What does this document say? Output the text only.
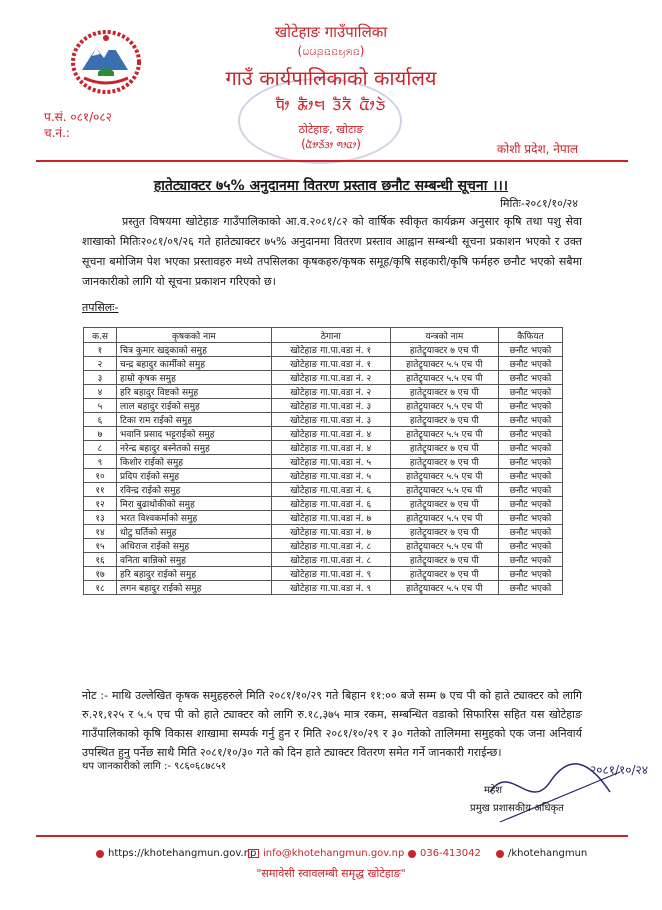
खोटेहाङ गाउँपालिका
(ꤗꤣꤔꤢꤢꤟꤎꤢ)
गाउँ कार्यपालिकाको कार्यालय
ᤄᤥ ᤊᤠᤣᤗ ᤋᤠᤖᤠ ᤂᤥᤍᤧ
ठोटेहाङ, खोटाङ
(ᤂᤦᤍᤨᤋᤣ ᤛᤣᤂᤣ)
प.सं. ०८१/०८२
च.नं.:
कोशी प्रदेश, नेपाल
हातेट्याक्टर ७५% अनुदानमा वितरण प्रस्ताव छनौट सम्बन्धी सूचना ।।।
मितिः-२०८१/१०/२४
प्रस्तुत विषयमा खोटेहाङ गाउँपालिकाको आ.व.२०८१/८२ को वार्षिक स्वीकृत कार्यक्रम अनुसार कृषि तथा पशु सेवा शाखाको मितिः२०८१/०९/२६ गते हातेट्याक्टर ७५% अनुदानमा वितरण प्रस्ताव आह्वान सम्बन्धी सूचना प्रकाशन भएको र उक्त सूचना बमोजिम पेश भएका प्रस्तावहरु मध्ये तपसिलका कृषकहरु/कृषक समूह/कृषि सहकारी/कृषि फर्महरु छनौट भएको सबैमा जानकारीको लागि यो सूचना प्रकाशन गरिएको छ।
तपसिलः-
क.स	कृषकको नाम	ठेगाना	यन्त्रको नाम	कैफियत
१	चित्र कुमार खड्काको समुह	खोटेहाङ गा.पा.वडा नं. १	हातेट्र्याक्टर ७ एच पी	छनौट भएको
२	चन्द्र बहादुर कार्मीको समुह	खोटेहाङ गा.पा.वडा नं. १	हातेट्र्याक्टर ५.५ एच पी	छनौट भएको
३	हाम्रो कृषक समुह	खोटेहाङ गा.पा.वडा नं. २	हातेट्र्याक्टर ५.५ एच पी	छनौट भएको
४	हरि बहादुर विष्टको समुह	खोटेहाङ गा.पा.वडा नं. २	हातेट्र्याक्टर ७ एच पी	छनौट भएको
५	लाल बहादुर राईको समुह	खोटेहाङ गा.पा.वडा नं. ३	हातेट्र्याक्टर ५.५ एच पी	छनौट भएको
६	टिका राम राईको समुह	खोटेहाङ गा.पा.वडा नं. ३	हातेट्र्याक्टर ७ एच पी	छनौट भएको
७	भवानि प्रसाद भट्टराईको समुह	खोटेहाङ गा.पा.वडा नं. ४	हातेट्र्याक्टर ५.५ एच पी	छनौट भएको
८	नरेन्द्र बहादुर बस्नेतको समुह	खोटेहाङ गा.पा.वडा नं. ४	हातेट्र्याक्टर ७ एच पी	छनौट भएको
९	किशोर राईको समुह	खोटेहाङ गा.पा.वडा नं. ५	हातेट्र्याक्टर ७ एच पी	छनौट भएको
१०	प्रदिप राईको समुह	खोटेहाङ गा.पा.वडा नं. ५	हातेट्र्याक्टर ५.५ एच पी	छनौट भएको
११	रविन्द्र राईको समुह	खोटेहाङ गा.पा.वडा नं. ६	हातेट्र्याक्टर ५.५ एच पी	छनौट भएको
१२	मिरा बुढाथोकीको समुह	खोटेहाङ गा.पा.वडा नं. ६	हातेट्र्याक्टर ७ एच पी	छनौट भएको
१३	भरत विश्वकर्माको समुह	खोटेहाङ गा.पा.वडा नं. ७	हातेट्र्याक्टर ५.५ एच पी	छनौट भएको
१४	धोटु घर्तिको समुह	खोटेहाङ गा.पा.वडा नं. ७	हातेट्र्याक्टर ७ एच पी	छनौट भएको
१५	अधिराज राईको समुह	खोटेहाङ गा.पा.वडा नं. ८	हातेट्र्याक्टर ५.५ एच पी	छनौट भएको
१६	वनिता बान्निको समुह	खोटेहाङ गा.पा.वडा नं. ८	हातेट्र्याक्टर ७ एच पी	छनौट भएको
१७	हरि बहादुर राईको समुह	खोटेहाङ गा.पा.वडा नं. ९	हातेट्र्याक्टर ७ एच पी	छनौट भएको
१८	लगन बहादुर राईको समुह	खोटेहाङ गा.पा.वडा नं. ९	हातेट्र्याक्टर ५.५ एच पी	छनौट भएको
नोट :- माथि उल्लेखित कृषक समुहहरुले मिति २०८१/१०/२९ गते बिहान ११:०० बजे सम्म ७ एच पी को हाते ट्याक्टर को लागि रु.२१,१२५ र ५.५ एच पी को हाते ट्याक्टर को लागि रु.१८,३७५ मात्र रकम, सम्बन्धित वडाको सिफारिस सहित यस खोटेहाङ गाउँपालिकाको कृषि विकास शाखामा सम्पर्क गर्नु हुन र मिति २०८१/१०/२९ र ३० गतेको तालिममा समुहको एक जना अनिवार्य उपस्थित हुनु पर्नेछ साथै मिति २०८१/१०/३० गते को दिन हाते ट्याक्टर वितरण समेत गर्ने जानकारी गराईन्छ।
थप जानकारीको लागि :- ९८६०६८७८५१	२०८१/१०/२४
महेश
प्रमुख प्रशासकीय अधिकृत
https://khotehangmun.gov.np info@khotehangmun.gov.np 036-413042	/khotehangmun
"समावेसी स्वावलम्बी समृद्ध खोटेहाङ"
